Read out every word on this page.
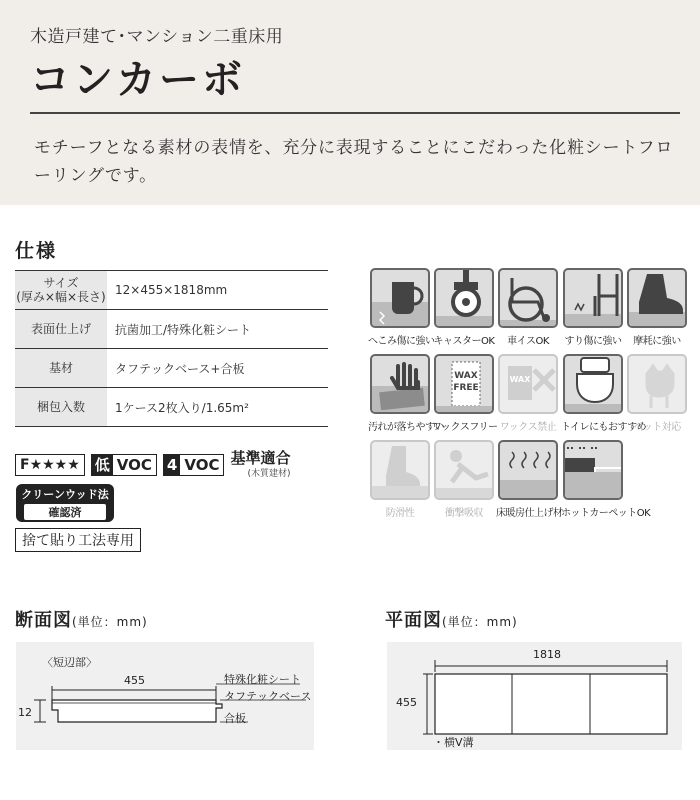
木造戸建て･マンション二重床用
コンカーボ
モチーフとなる素材の表情を、充分に表現することにこだわった化粧シートフローリングです。
仕様
サイズ
(厚み×幅×長さ) 12×455×1818mm
表面仕上げ	抗菌加工/特殊化粧シート
基材	タフテックベース+合板
梱包入数	1ケース2枚入り/1.65m²
F★★★★	低 VOC 4 VOC 基準適合
(木質建材)
クリーンウッド法
確認済
捨て貼り工法専用
へこみ傷に強い キャスターOK	車イスOK	すり傷に強い	摩耗に強い
汚れが落ちやすい
WAX
FREE
ワックスフリー
WAX
ワックス禁止 トイレにもおすすめ
ペット対応
防滑性	衝撃吸収	床暖房仕上げ材
ホットカーペットOK
断面図(単位：mm)
〈短辺部〉
455
12
特殊化粧シート
タフテックベース
合板
平面図(単位：mm)
1818
455
・横V溝
